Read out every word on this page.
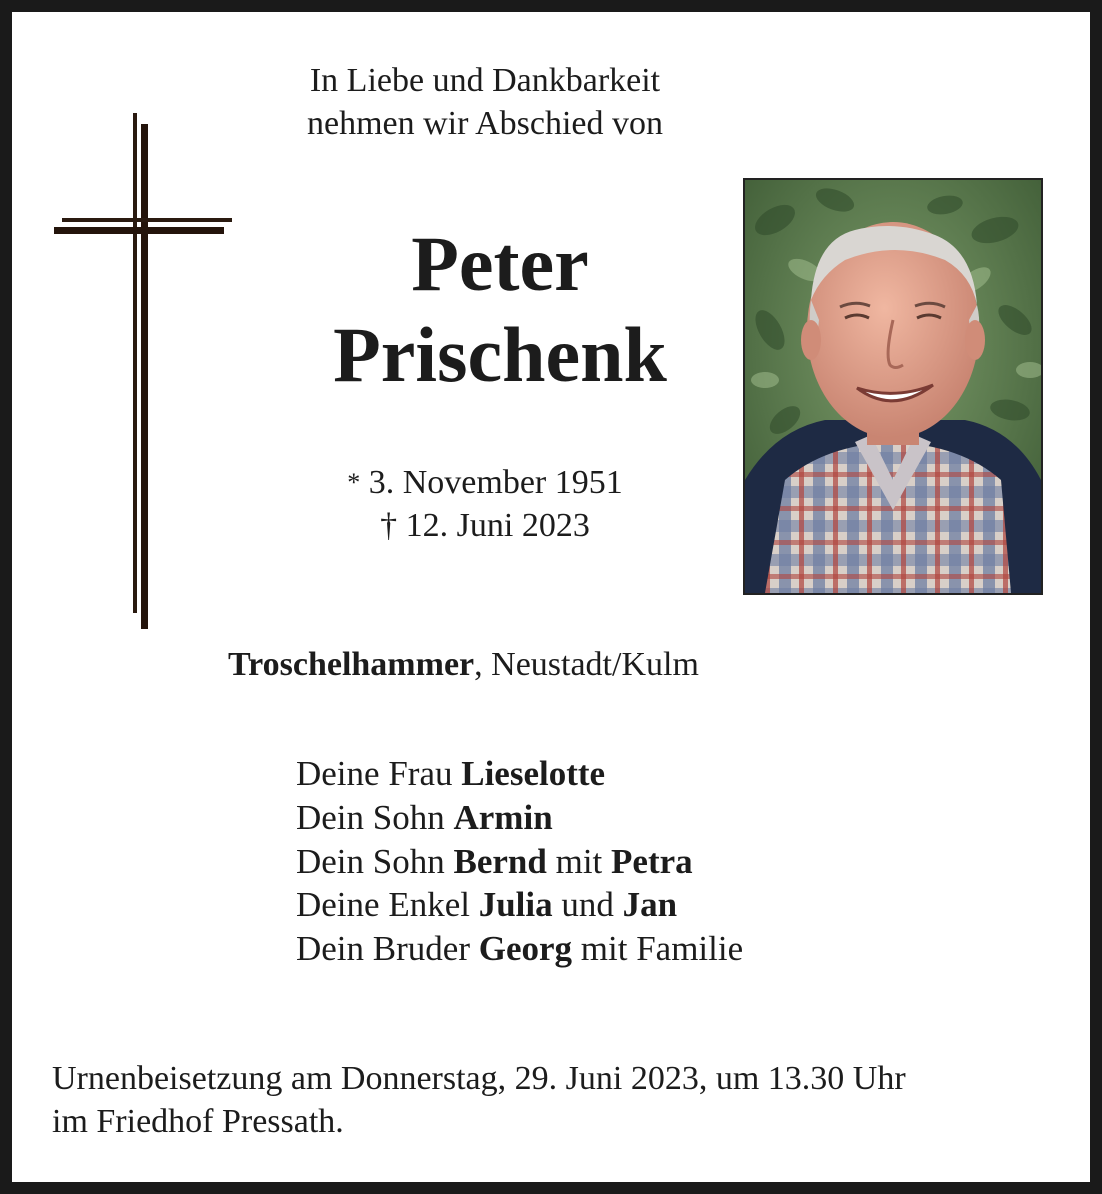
In Liebe und Dankbarkeit
nehmen wir Abschied von
Peter
Prischenk
* 3. November 1951
† 12. Juni 2023
Troschelhammer, Neustadt/Kulm
Deine Frau Lieselotte
Dein Sohn Armin
Dein Sohn Bernd mit Petra
Deine Enkel Julia und Jan
Dein Bruder Georg mit Familie
Urnenbeisetzung am Donnerstag, 29. Juni 2023, um 13.30 Uhr
im Friedhof Pressath.
